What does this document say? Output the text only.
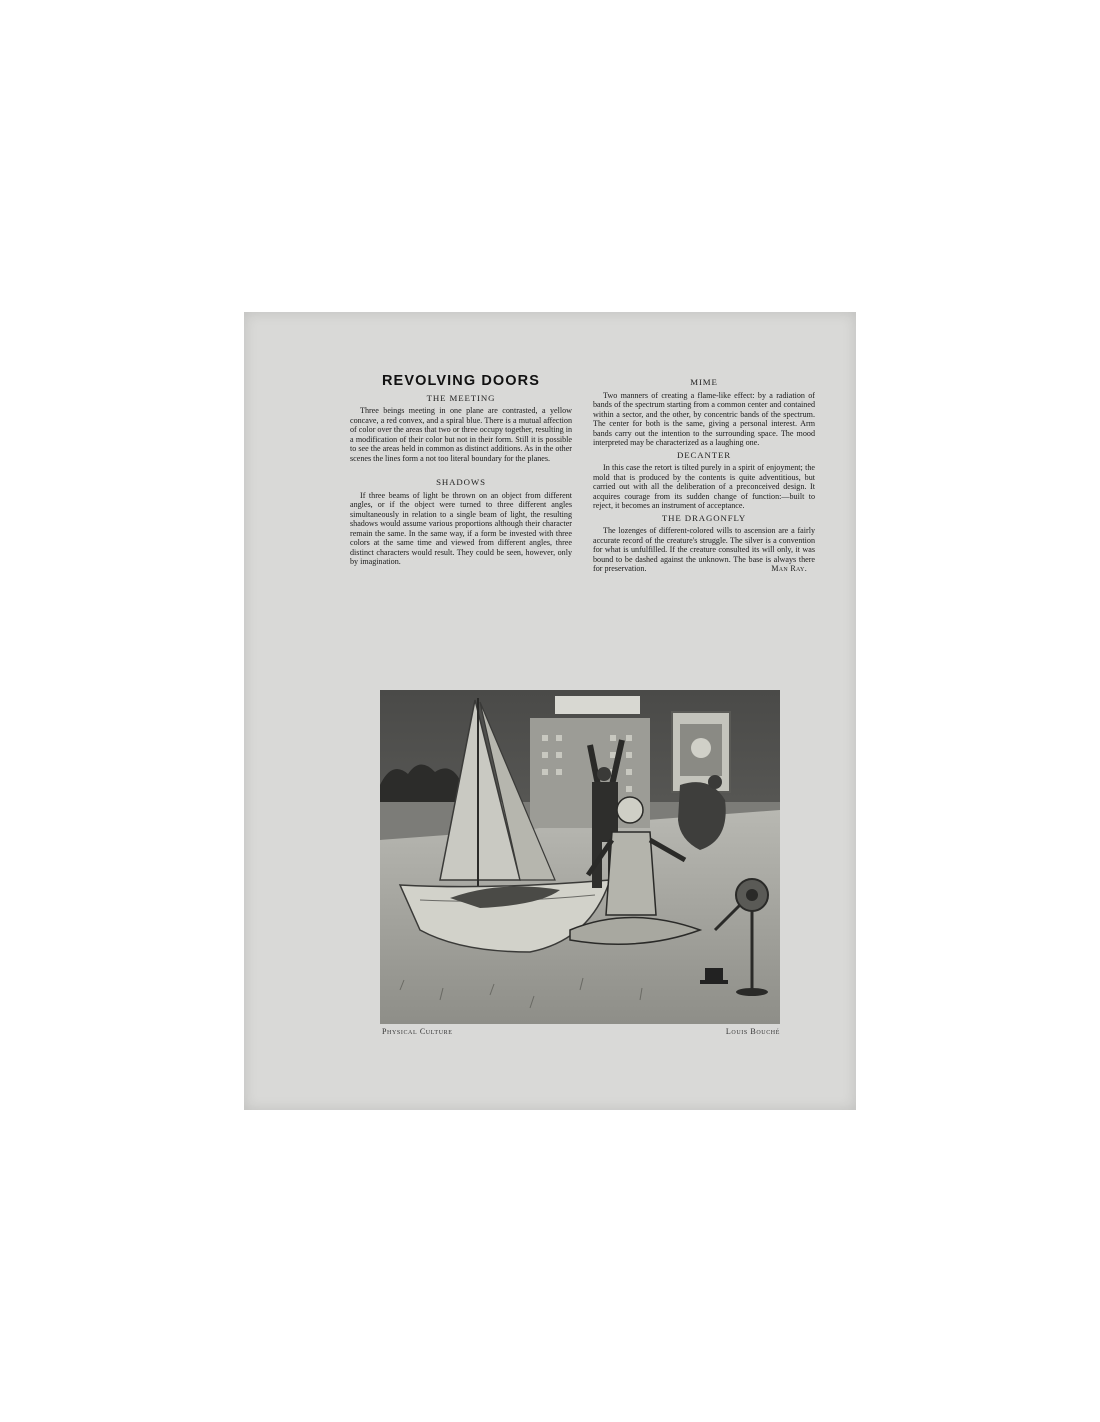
REVOLVING DOORS
THE MEETING

Three beings meeting in one plane are contrasted, a yellow concave, a red convex, and a spiral blue. There is a mutual affection of color over the areas that two or three occupy together, resulting in a modification of their color but not in their form. Still it is possible to see the areas held in common as distinct additions. As in the other scenes the lines form a not too literal boundary for the planes.

SHADOWS

If three beams of light be thrown on an object from different angles, or if the object were turned to three different angles simultaneously in relation to a single beam of light, the resulting shadows would assume various proportions although their character remain the same. In the same way, if a form be invested with three colors at the same time and viewed from different angles, three distinct characters would result. They could be seen, however, only by imagination.

MIME

Two manners of creating a flame-like effect: by a radiation of bands of the spectrum starting from a common center and contained within a sector, and the other, by concentric bands of the spectrum. The center for both is the same, giving a personal interest. Arm bands carry out the intention to the surrounding space. The mood interpreted may be characterized as a laughing one.

DECANTER

In this case the retort is tilted purely in a spirit of enjoyment; the mold that is produced by the contents is quite adventitious, but carried out with all the deliberation of a preconceived design. It acquires courage from its sudden change of function:—built to reject, it becomes an instrument of acceptance.

THE DRAGONFLY

The lozenges of different-colored wills to ascension are a fairly accurate record of the creature's struggle. The silver is a convention for what is unfulfilled. If the creature consulted its will only, it was bound to be dashed against the unknown. The base is always there for preservation.	Man Ray.

Physical Culture	Louis Bouché
